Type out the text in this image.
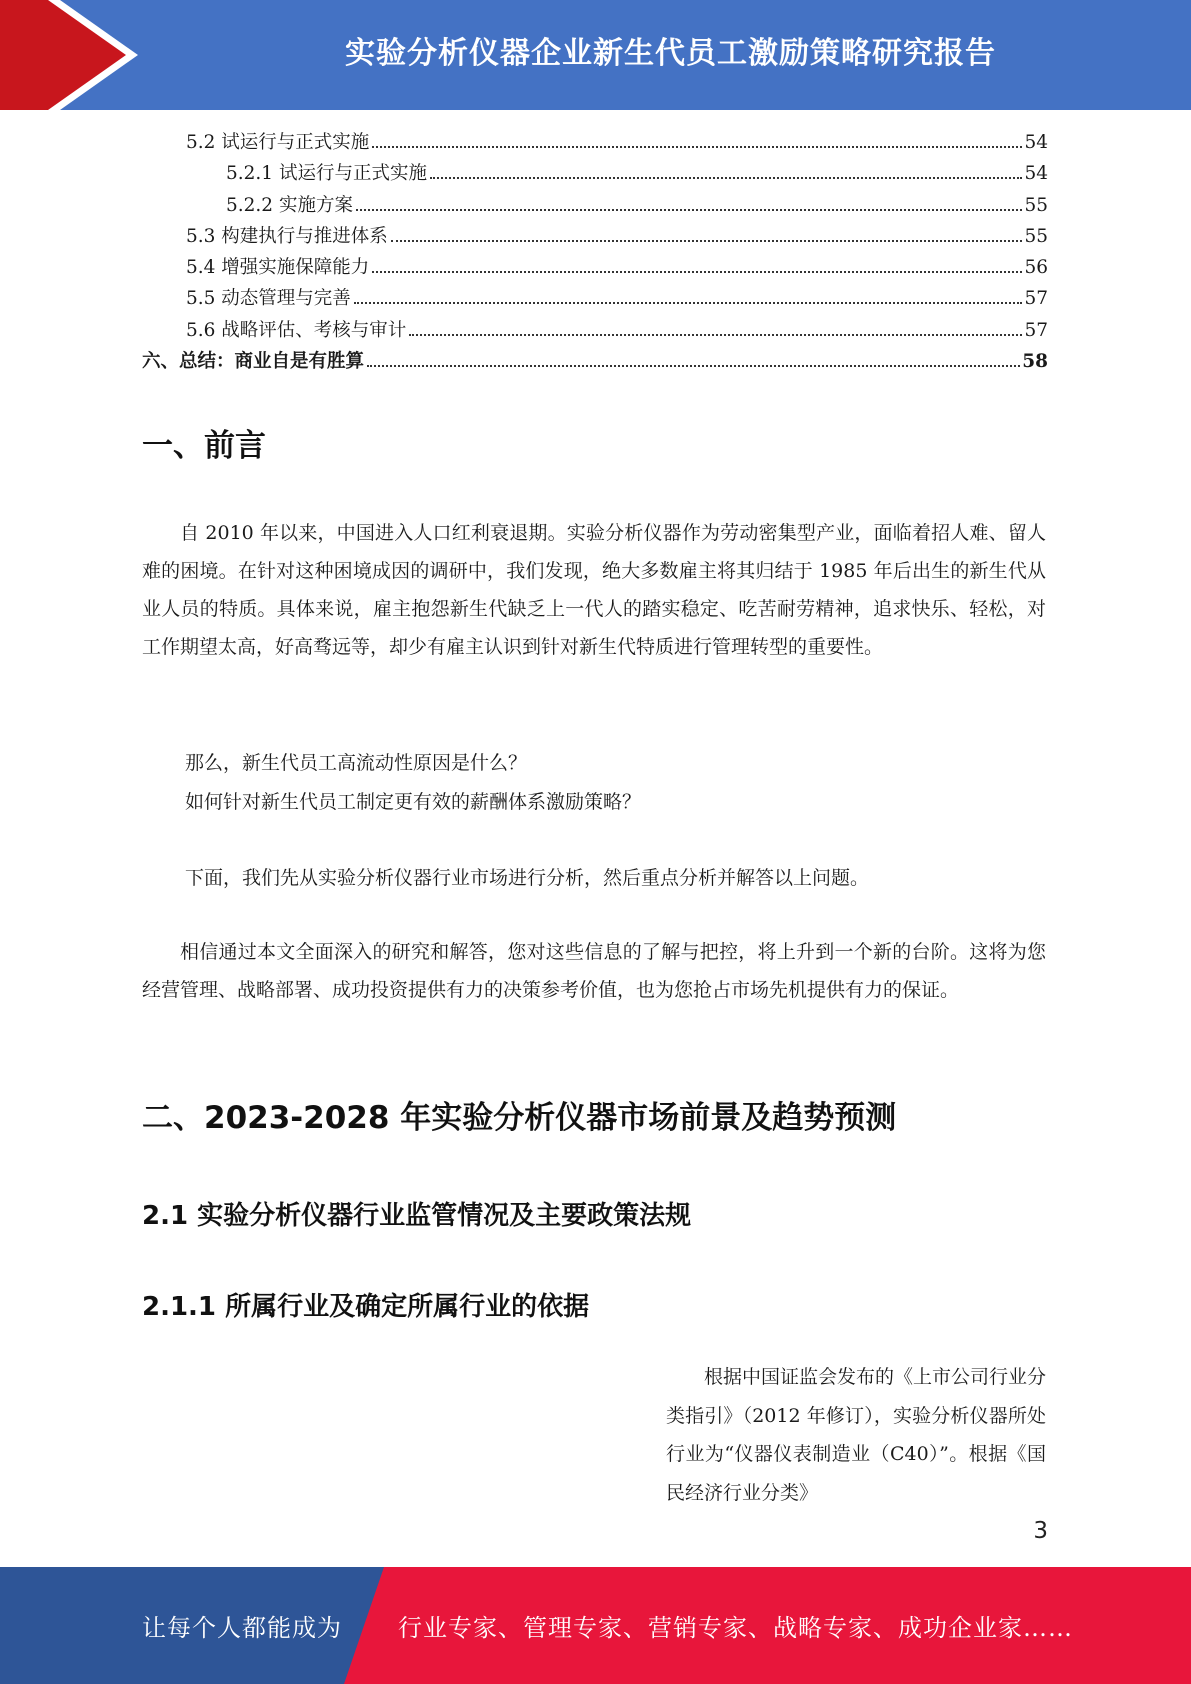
实验分析仪器企业新生代员工激励策略研究报告
5.2 试运行与正式实施	54
5.2.1 试运行与正式实施	54
5.2.2 实施方案	55
5.3 构建执行与推进体系	55
5.4 增强实施保障能力	56
5.5 动态管理与完善	57
5.6 战略评估、考核与审计	57
六、总结：商业自是有胜算	58
一、前言

自 2010 年以来，中国进入人口红利衰退期。实验分析仪器作为劳动密集型产业，面临着招人难、留人难的困境。在针对这种困境成因的调研中，我们发现，绝大多数雇主将其归结于 1985 年后出生的新生代从业人员的特质。具体来说，雇主抱怨新生代缺乏上一代人的踏实稳定、吃苦耐劳精神，追求快乐、轻松，对工作期望太高，好高骛远等，却少有雇主认识到针对新生代特质进行管理转型的重要性。

那么，新生代员工高流动性原因是什么？

如何针对新生代员工制定更有效的薪酬体系激励策略？

下面，我们先从实验分析仪器行业市场进行分析，然后重点分析并解答以上问题。

相信通过本文全面深入的研究和解答，您对这些信息的了解与把控，将上升到一个新的台阶。这将为您经营管理、战略部署、成功投资提供有力的决策参考价值，也为您抢占市场先机提供有力的保证。

二、2023-2028 年实验分析仪器市场前景及趋势预测
2.1 实验分析仪器行业监管情况及主要政策法规
2.1.1 所属行业及确定所属行业的依据

根据中国证监会发布的《上市公司行业分类指引》（2012 年修订），实验分析仪器所处行业为“仪器仪表制造业（C40）”。根据《国民经济行业分类》

3
让每个人都能成为 行业专家、管理专家、营销专家、战略专家、成功企业家……
